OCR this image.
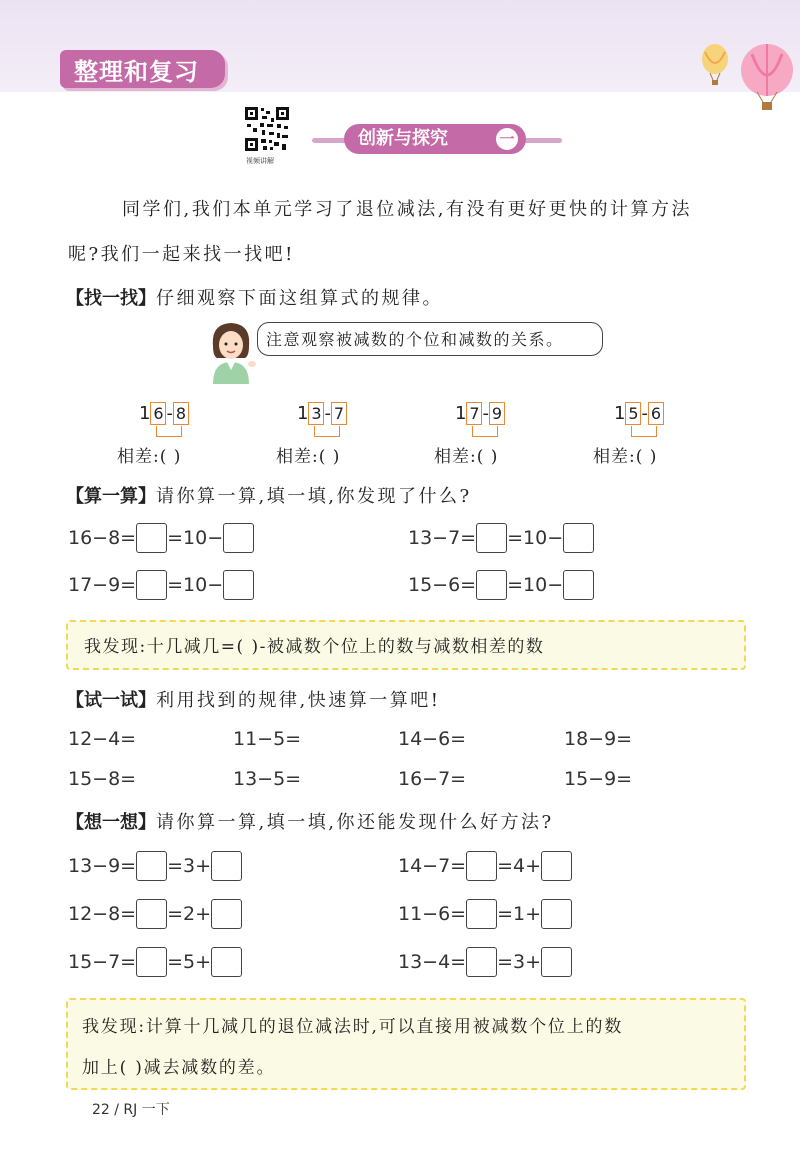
整理和复习
视频讲解
创新与探究	一
同学们,我们本单元学习了退位减法,有没有更好更快的计算方法
呢?我们一起来找一找吧!
【找一找】仔细观察下面这组算式的规律。
注意观察被减数的个位和减数的关系。
1 6 - 8
相差:( )
1 3 - 7
相差:( )
1 7 - 9
相差:( )
1 5 - 6
相差:( )
【算一算】请你算一算,填一填,你发现了什么?
16−8= =10−	13−7= =10−
17−9= =10−	15−6= =10−
我发现:十几减几=( )-被减数个位上的数与减数相差的数
【试一试】利用找到的规律,快速算一算吧!
12−4=	11−5=	14−6=	18−9=
15−8=	13−5=	16−7=	15−9=
【想一想】请你算一算,填一填,你还能发现什么好方法?
13−9= =3+	14−7= =4+
12−8= =2+	11−6= =1+
15−7= =5+	13−4= =3+
我发现:计算十几减几的退位减法时,可以直接用被减数个位上的数
加上( )减去减数的差。
22 / RJ 一下
